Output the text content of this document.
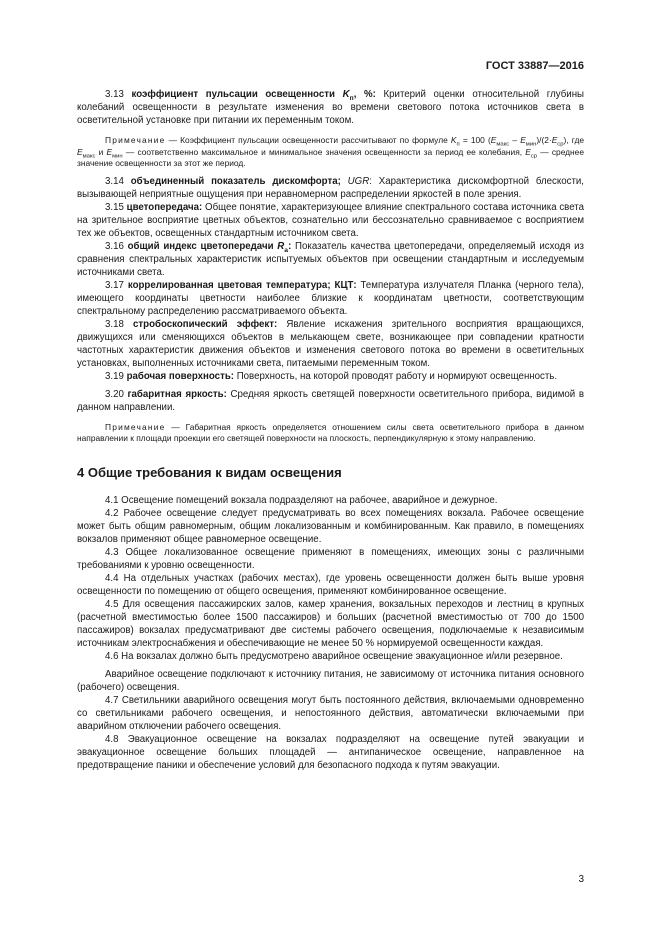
ГОСТ 33887—2016

3.13 коэффициент пульсации освещенности $K_п$, %: Критерий оценки относительной глубины колебаний освещенности в результате изменения во времени светового потока источников света в осветительной установке при питании их переменным током.

Примечание — Коэффициент пульсации освещенности рассчитывают по формуле $K_п = 100$ $(E_{макс} - E_{мин})/(2\cdot E_{ср})$, где $E_{макс}$ и $E_{мин}$ — соответственно максимальное и минимальное значения освещенности за период ее колебания, $E_{ср}$ — среднее значение освещенности за этот же период.

3.14 объединенный показатель дискомфорта; UGR: Характеристика дискомфортной блескости, вызывающей неприятные ощущения при неравномерном распределении яркостей в поле зрения.

3.15 цветопередача: Общее понятие, характеризующее влияние спектрального состава источника света на зрительное восприятие цветных объектов, сознательно или бессознательно сравниваемое с восприятием тех же объектов, освещенных стандартным источником света.

3.16 общий индекс цветопередачи $R_a$: Показатель качества цветопередачи, определяемый исходя из сравнения спектральных характеристик испытуемых объектов при освещении стандартным и исследуемым источниками света.

3.17 коррелированная цветовая температура; КЦТ: Температура излучателя Планка (черного тела), имеющего координаты цветности наиболее близкие к координатам цветности, соответствующим спектральному распределению рассматриваемого объекта.

3.18 стробоскопический эффект: Явление искажения зрительного восприятия вращающихся, движущихся или сменяющихся объектов в мелькающем свете, возникающее при совпадении кратности частотных характеристик движения объектов и изменения светового потока во времени в осветительных установках, выполненных источниками света, питаемыми переменным током.

3.19 рабочая поверхность: Поверхность, на которой проводят работу и нормируют освещенность.

3.20 габаритная яркость: Средняя яркость светящей поверхности осветительного прибора, видимой в данном направлении.

Примечание — Габаритная яркость определяется отношением силы света осветительного прибора в данном направлении к площади проекции его светящей поверхности на плоскость, перпендикулярную к этому направлению.

4 Общие требования к видам освещения

4.1 Освещение помещений вокзала подразделяют на рабочее, аварийное и дежурное.

4.2 Рабочее освещение следует предусматривать во всех помещениях вокзала. Рабочее освещение может быть общим равномерным, общим локализованным и комбинированным. Как правило, в помещениях вокзалов применяют общее равномерное освещение.

4.3 Общее локализованное освещение применяют в помещениях, имеющих зоны с различными требованиями к уровню освещенности.

4.4 На отдельных участках (рабочих местах), где уровень освещенности должен быть выше уровня освещенности по помещению от общего освещения, применяют комбинированное освещение.

4.5 Для освещения пассажирских залов, камер хранения, вокзальных переходов и лестниц в крупных (расчетной вместимостью более 1500 пассажиров) и больших (расчетной вместимостью от 700 до 1500 пассажиров) вокзалах предусматривают две системы рабочего освещения, подключаемые к независимым источникам электроснабжения и обеспечивающие не менее 50 % нормируемой освещенности каждая.

4.6 На вокзалах должно быть предусмотрено аварийное освещение эвакуационное и/или резервное.

Аварийное освещение подключают к источнику питания, не зависимому от источника питания основного (рабочего) освещения.

4.7 Светильники аварийного освещения могут быть постоянного действия, включаемыми одновременно со светильниками рабочего освещения, и непостоянного действия, автоматически включаемыми при аварийном отключении рабочего освещения.

4.8 Эвакуационное освещение на вокзалах подразделяют на освещение путей эвакуации и эвакуационное освещение больших площадей — антипаническое освещение, направленное на предотвращение паники и обеспечение условий для безопасного подхода к путям эвакуации.

3
